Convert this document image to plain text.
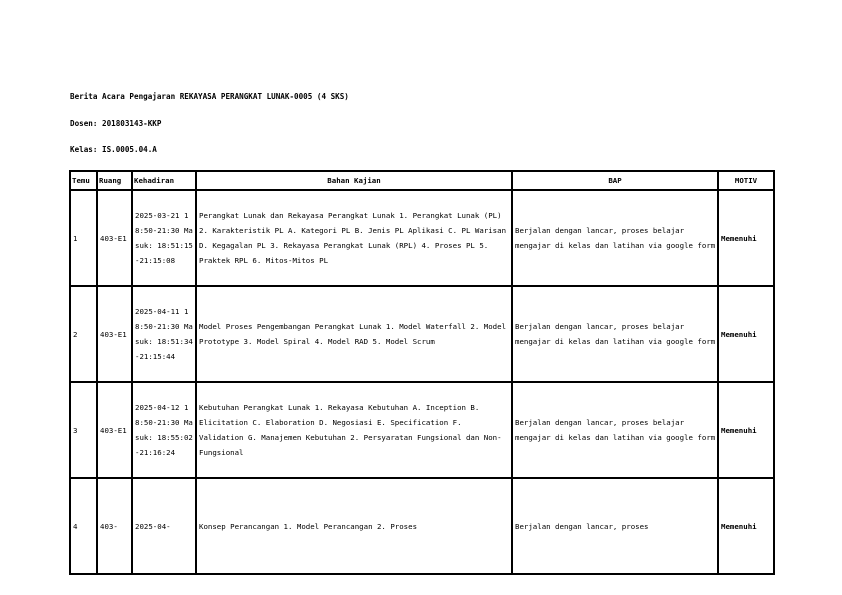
Berita Acara Pengajaran REKAYASA PERANGKAT LUNAK-0005 (4 SKS)
Dosen: 201803143-KKP
Kelas: IS.0005.04.A
Temu	Ruang	Kehadiran	Bahan Kajian	BAP	MOTIV
1	403-E1	2025-03-21 18:50-21:30 Masuk: 18:51:15 -21:15:08	Perangkat Lunak dan Rekayasa Perangkat Lunak 1. Perangkat Lunak (PL) 2. Karakteristik PL A. Kategori PL B. Jenis PL Aplikasi C. PL Warisan D. Kegagalan PL 3. Rekayasa Perangkat Lunak (RPL) 4. Proses PL 5. Praktek RPL 6. Mitos-Mitos PL	Berjalan dengan lancar, proses belajar mengajar di kelas dan latihan via google form	Memenuhi
2	403-E1	2025-04-11 18:50-21:30 Masuk: 18:51:34 -21:15:44	Model Proses Pengembangan Perangkat Lunak 1. Model Waterfall 2. Model Prototype 3. Model Spiral 4. Model RAD 5. Model Scrum	Berjalan dengan lancar, proses belajar mengajar di kelas dan latihan via google form	Memenuhi
3	403-E1	2025-04-12 18:50-21:30 Masuk: 18:55:02 -21:16:24	Kebutuhan Perangkat Lunak 1. Rekayasa Kebutuhan A. Inception B. Elicitation C. Elaboration D. Negosiasi E. Specification F. Validation G. Manajemen Kebutuhan 2. Persyaratan Fungsional dan Non-Fungsional	Berjalan dengan lancar, proses belajar mengajar di kelas dan latihan via google form	Memenuhi
4	403-	2025-04-	Konsep Perancangan 1. Model Perancangan 2. Proses	Berjalan dengan lancar, proses	Memenuhi
